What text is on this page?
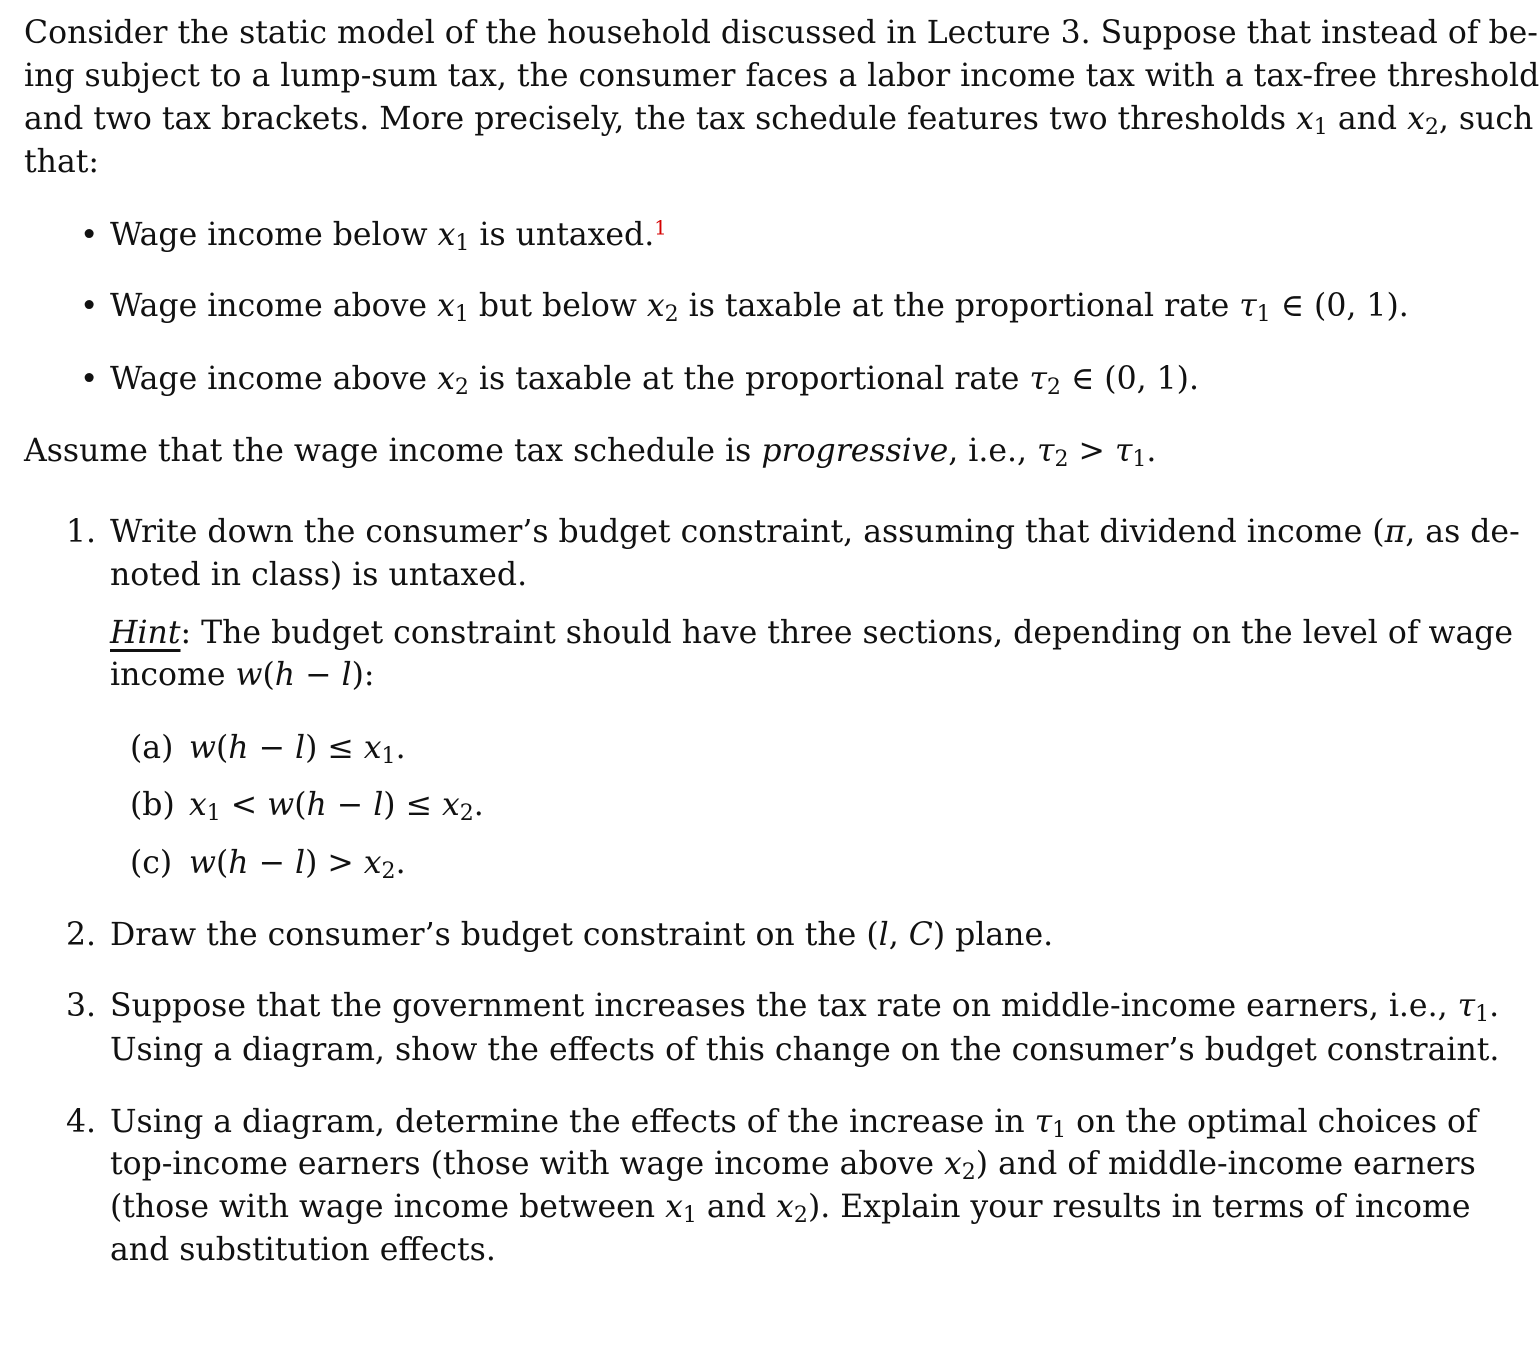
Consider the static model of the household discussed in Lecture 3. Suppose that instead of be-
ing subject to a lump-sum tax, the consumer faces a labor income tax with a tax-free threshold
and two tax brackets. More precisely, the tax schedule features two thresholds $x_1$ and $x_2$, such
that:
• Wage income below $x_1$ is untaxed.$^1$
• Wage income above $x_1$ but below $x_2$ is taxable at the proportional rate $\tau_1$ ∈ (0, 1).
• Wage income above $x_2$ is taxable at the proportional rate $\tau_2$ ∈ (0, 1).
Assume that the wage income tax schedule is progressive, i.e., $\tau_2 > \tau_1$.
1. Write down the consumer’s budget constraint, assuming that dividend income (π, as de-
noted in class) is untaxed.
Hint: The budget constraint should have three sections, depending on the level of wage
income w(h − l):
(a) $w(h - l) \le x_1$.
(b) $x_1 < w(h - l) \le x_2$.
(c) $w(h - l) > x_2$.
2. Draw the consumer’s budget constraint on the (l, C) plane.
3. Suppose that the government increases the tax rate on middle-income earners, i.e., $\tau_1$.
Using a diagram, show the effects of this change on the consumer’s budget constraint.
4. Using a diagram, determine the effects of the increase in $\tau_1$ on the optimal choices of
top-income earners (those with wage income above $x_2$) and of middle-income earners
(those with wage income between $x_1$ and $x_2$). Explain your results in terms of income
and substitution effects.
